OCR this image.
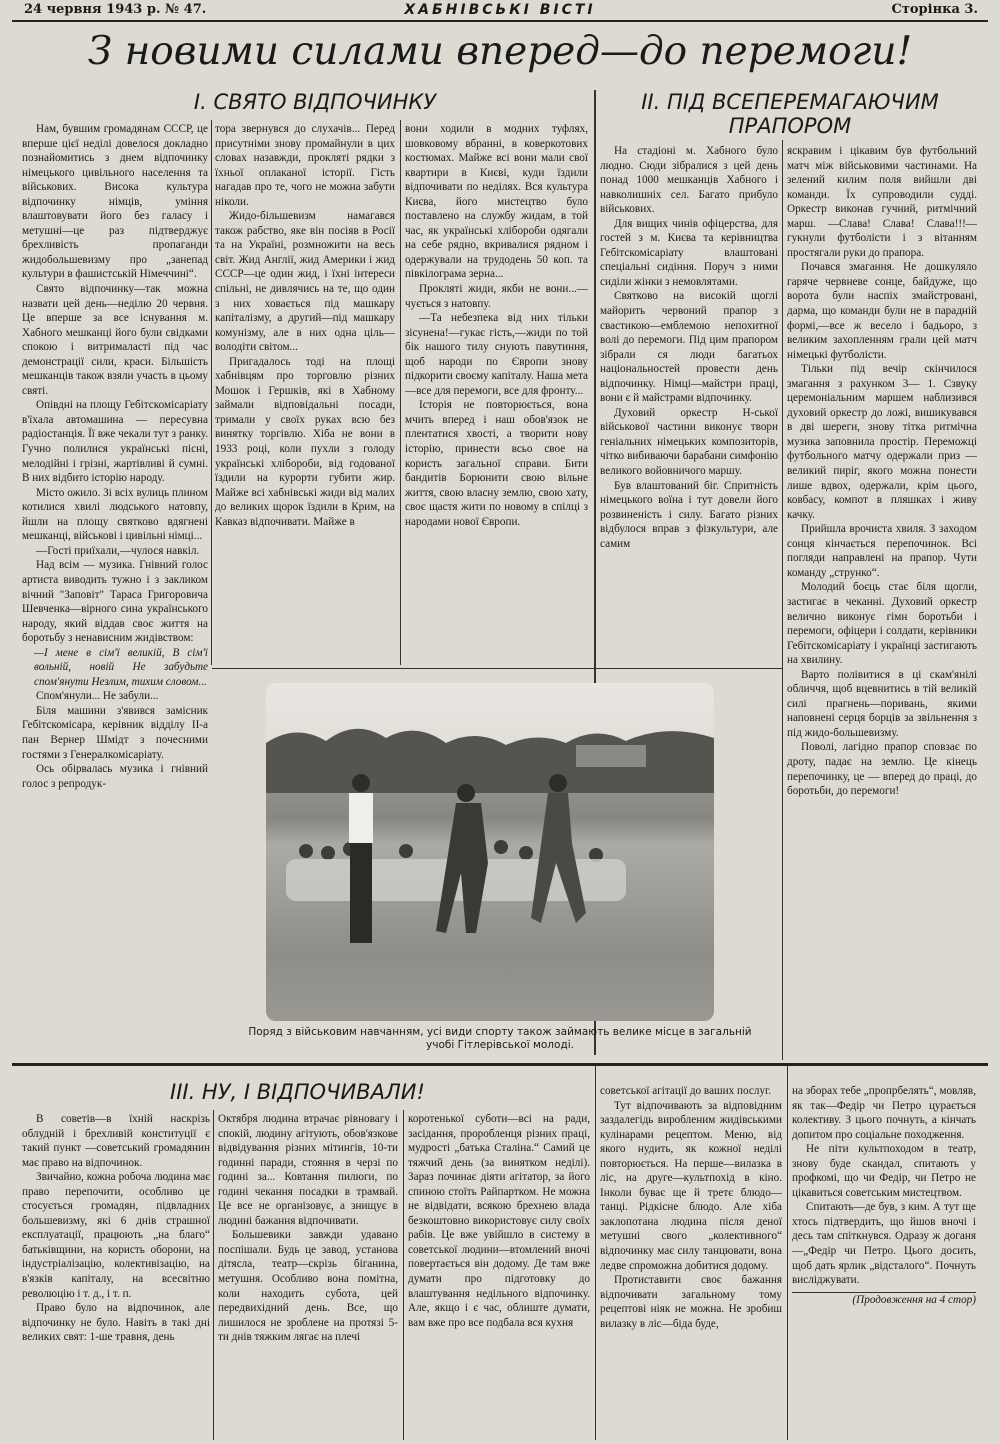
24 червня 1943 р. № 47.	ХАБНІВСЬКІ ВІСТІ	Сторінка 3.
З новими силами вперед—до перемоги!
І. СВЯТО ВІДПОЧИНКУ

Нам, бувшим громадянам СССР, це вперше цієї неділі довелося докладно познайомитись з днем відпочинку німецького цивільного населення та військових. Висока культура відпочинку німців, уміння влаштовувати його без галасу і метушні—це раз підтверджує брехливість пропаганди жидобольшевизму про „занепад культури в фашистській Німеччині“.

Свято відпочинку—так можна назвати цей день—неділю 20 червня. Це вперше за все існування м. Хабного мешканці його були свідками спокою і витрималасті під час демонстрації сили, краси. Більшість мешканців також взяли участь в цьому святі.

Опівдні на площу Гебітскомісаріату в'їхала автомашина — пересувна радіостанція. Її вже чекали тут з ранку. Гучно полилися українські пісні, мелодійні і грізні, жартівливі й сумні. В них відбито історію народу.

Місто ожило. Зі всіх вулиць плином котилися хвилі людського натовпу, йшли на площу святково вдягнені мешканці, військові і цивільні німці...

—Гості приїхали,—чулося навкіл.

Над всім — музика. Гнівний голос артиста виводить тужно і з закликом вічний "Заповіт" Тараса Григоровича Шевченка—вірного сина українського народу, який віддав своє життя на боротьбу з ненависним жидівством:

—І мене в сім'ї великій, В сім'ї вольній, новій Не забудьте спом'янути Незлим, тихим словом...

Спом'янули... Не забули...

Біля машини з'явився замісник Гебітскомісара, керівник відділу II-а пан Вернер Шмідт з почесними гостями з Генералкомісаріату.

Ось обірвалась музика і гнівний голос з репродук-

тора звернувся до слухачів... Перед присутніми знову промайнули в цих словах назавжди, прокляті рядки з їхньої оплаканої історії. Гість нагадав про те, чого не можна забути ніколи.

Жидо-більшевизм намагався також рабство, яке він посіяв в Росії та на Україні, розмножити на весь світ. Жид Англії, жид Америки і жид СССР—це один жид, і їхні інтереси спільні, не дивлячись на те, що один з них ховається під машкару капіталізму, а другий—під машкару комунізму, але в них одна ціль—володіти світом...

Пригадалось тоді на площі хабнівцям про торговлю різних Мошок і Гершків, які в Хабному займали відповідальні посади, тримали у своїх руках всю без винятку торгівлю. Хіба не вони в 1933 році, коли пухли з голоду українські хлібороби, від годованої їздили на курорти губити жир. Майже всі хабнівські жиди від малих до великих щорок їздили в Крим, на Кавказ відпочивати. Майже в

вони ходили в модних туфлях, шовковому вбранні, в коверкотових костюмах. Майже всі вони мали свої квартири в Києві, куди їздили відпочивати по неділях. Вся культура Києва, його мистецтво було поставлено на службу жидам, в той час, як українські хлібороби одягали на себе рядно, вкривалися рядном і одержували на трудодень 50 коп. та півкілограма зерна...

Прокляті жиди, якби не вони...—чується з натовпу.

—Та небезпека від них тільки зісунена!—гукає гість,—жиди по той бік нашого тилу снують павутиння, щоб народи по Європи знову підкорити своєму капіталу. Наша мета—все для перемоги, все для фронту...

Історія не повторюється, вона мчить вперед і наш обов'язок не плентатися хвості, а творити нову історію, принести всьо свое на користь загальної справи. Бити бандитів Борюнити свою вільне життя, свою власну землю, свою хату, своє щастя жити по новому в спілці з народами нової Європи.

ІІ. ПІД ВСЕПЕРЕМАГАЮЧИМ ПРАПОРОМ

На стадіоні м. Хабного було людно. Сюди зібралися з цей день понад 1000 мешканців Хабного і навколишніх сел. Багато прибуло військових.

Для вищих чинів офіцерства, для гостей з м. Києва та керівництва Гебітскомісаріату влаштовані спеціальні сидіння. Поруч з ними сиділи жінки з немовлятами.

Святково на високій щоглі майорить червоний прапор з свастикою—емблемою непохитної волі до перемоги. Під цим прапором зібрали ся люди багатьох національностей провести день відпочинку. Німці—майстри праці, вони є й майстрами відпочинку.

Духовий оркестр Н-ської військової частини виконує твори геніальних німецьких композиторів, чітко вибиваючи барабани симфонію великого войовничого маршу.

Був влаштований біг. Спритність німецького воїна і тут довели його розвиненість і силу. Багато різних відбулося вправ з фізкультури, але самим

яскравим і цікавим був футбольний матч між військовими частинами. На зелений килим поля вийшли дві команди. Їх супроводили судді. Оркестр виконав гучний, ритмічний марш. —Слава! Слава! Слава!!!— гукнули футболісти і з вітанням простягали руки до прапора.

Почався змагання. Не дошкуляло гаряче червневе сонце, байдуже, що ворота були наспіх змайстровані, дарма, що команди були не в парадній формі,—все ж весело і бадьоро, з великим захопленням грали цей матч німецькі футболісти.

Тільки під вечір скінчилося змагання з рахунком 3— 1. Сзвуку церемоніальним маршем наблизився духовий оркестр до ложі, вишикувався в дві шереги, знову тітка ритмічна музика заповнила простір. Переможці футбольного матчу одержали приз — великий пиріг, якого можна понести лише вдвох, одержали, крім цього, ковбасу, компот в пляшках і живу качку.

Прийшла врочиста хвиля. З заходом сонця кінчається перепочинок. Всі погляди направлені на прапор. Чути команду „струнко“.

Молодий боєць стає біля щогли, застигає в чеканні. Духовий оркестр велично виконує гімн боротьби і перемоги, офіцери і солдати, керівники Гебітскомісаріату і українці застигають на хвилину.

Варто полівитися в ці скам'янілі обличчя, щоб вцевнитись в тій великій силі прагнень—поривань, якими наповнені серця борців за звільнення з під жидо-большевизму.

Поволі, лагідно прапор сповзає по дроту, падає на землю. Це кінець перепочинку, це — вперед до праці, до боротьби, до перемоги!

Поряд з військовим навчанням, усі види спорту також займають велике місце в загальній учобі Гітлерівської молоді.
ІІІ. НУ, І ВІДПОЧИВАЛИ!

В советів—в їхній наскрізь облудній і брехливій конституції є такий пункт —советський громадянин має право на відпочинок.

Звичайно, кожна робоча людина має право перепочити, особливо це стосується громадян, підвладних большевизму, які 6 днів страшної експлуатації, працюють „на благо“ батьківщини, на користь оборони, на індустріалізацію, колективізацію, на в'язків капіталу, на всесвітню революцію і т. д., і т. п.

Право було на відпочинок, але відпочинку не було. Навіть в такі дні великих свят: 1-ше травня, день

Октября людина втрачає рівновагу і спокій, людину агітують, обов'язкове відвідування різних мітингів, 10-ти годинні паради, стояння в черзі по годині за... Ковтання пилюги, по годині чекання посадки в трамвай. Це все не організовує, а знищує в людині бажання відпочивати.

Большевики завжди удавано поспішали. Будь це завод, установа дітясла, театр—скрізь біганина, метушня. Особливо вона помітна, коли находить субота, цей передвихідний день. Все, що лишилося не зроблене на протязі 5-ти днів тяжким лягає на плечі

коротенької суботи—всі на ради, засідання, проробленця різних праці, мудрості „батька Сталіна.“ Самий це тяжчий день (за винятком неділі). Зараз починає діяти агітатор, за його спиною стоїть Райпартком. Не можна не відвідати, всякою брехнею влада безкоштовно використовує силу своїх рабів. Це вже увійшло в систему в советської людини—втомлений вночі повертається він додому. Де там вже думати про підготовку до влаштування недільного відпочинку. Але, якщо і є час, облиште думати, вам вже про все подбала вся кухня

советської агітації до ваших послуг.

Тут відпочивають за відповідним заздалегідь виробленим жидівськими кулінарами рецептом. Меню, від якого нудить, як кожної неділі повторюється. На перше—вилазка в ліс, на друге—культпохід в кіно. Інколи буває ще й третє блюдо—танці. Рідкісне блюдо. Але хіба заклопотана людина після деної метушні свого „колективного“ відпочинку має силу танцювати, вона ледве спроможна добитися додому.

Протиставити своє бажання відпочивати загальному тому рецептові ніяк не можна. Не зробиш вилазку в ліс—біда буде,

на зборах тебе „пропрбелять“, мовляв, як так—Федір чи Петро цурається колективу. З цього почнуть, а кінчать допитом про соціальне походження.

Не піти культпоходом в театр, знову буде скандал, спитають у профкомі, що чи Федір, чи Петро не цікавиться советським мистецтвом.

Спитають—де був, з ким. А тут ще хтось підтвердить, що йшов вночі і десь там спіткнувся. Одразу ж доганя—„Федір чи Петро. Цього досить, щоб дать ярлик „відсталого“. Почнуть висліджувати.

(Продовження на 4 стор)
